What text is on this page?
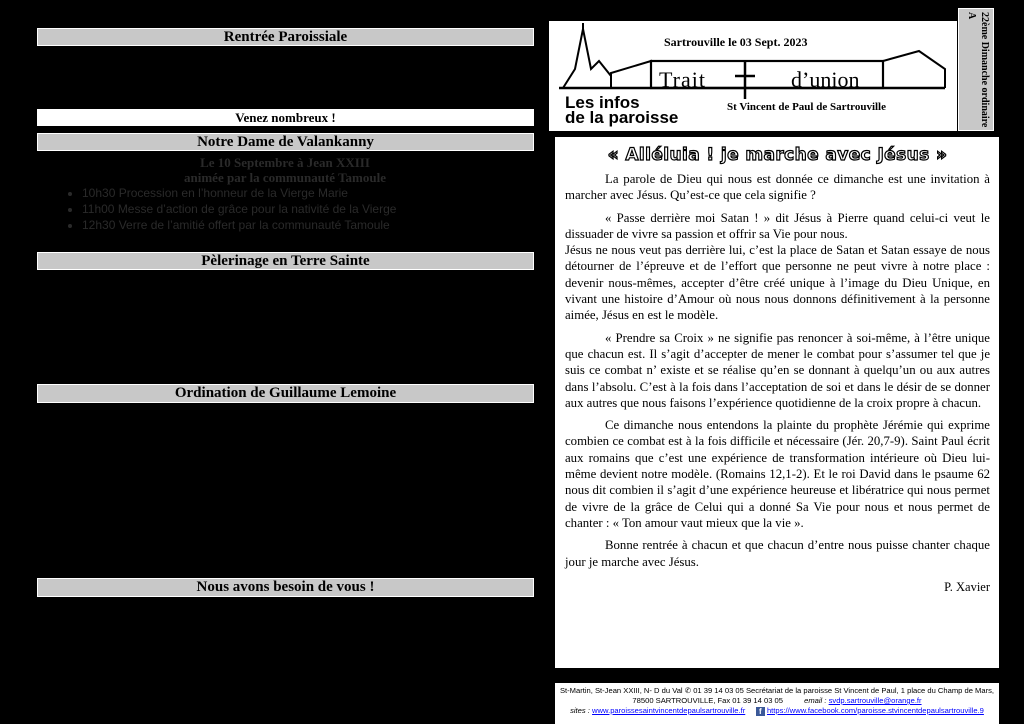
Rentrée Paroissiale
Venez nombreux !
Notre Dame de Valankanny
Le 10 Septembre à Jean XXIII
animée par la communauté Tamoule
• 10h30 Procession en l’honneur de la Vierge Marie
• 11h00 Messe d’action de grâce pour la nativité de la Vierge
• 12h30 Verre de l’amitié offert par la communauté Tamoule
Pèlerinage en Terre Sainte
Ordination de Guillaume Lemoine
Nous avons besoin de vous !
Sartrouville le 03 Sept. 2023
Trait	d’union
Les infos
de la paroisse
St Vincent de Paul de Sartrouville	22ème Dimanche ordinaire
A
« Alléluia ! je marche avec Jésus »

La parole de Dieu qui nous est donnée ce dimanche est une invitation à marcher avec Jésus. Qu’est-ce que cela signifie ?

« Passe derrière moi Satan ! » dit Jésus à Pierre quand celui-ci veut le dissuader de vivre sa passion et offrir sa Vie pour nous.

Jésus ne nous veut pas derrière lui, c’est la place de Satan et Satan essaye de nous détourner de l’épreuve et de l’effort que personne ne peut vivre à notre place : devenir nous-mêmes, accepter d’être créé unique à l’image du Dieu Unique, en vivant une histoire d’Amour où nous nous donnons définitivement à la personne aimée, Jésus en est le modèle.

« Prendre sa Croix » ne signifie pas renoncer à soi-même, à l’être unique que chacun est. Il s’agit d’accepter de mener le combat pour s’assumer tel que je suis ce combat n’ existe et se réalise qu’en se donnant à quelqu’un ou aux autres dans l’absolu. C’est à la fois dans l’acceptation de soi et dans le désir de se donner aux autres que nous faisons l’expérience quotidienne de la croix propre à chacun.

Ce dimanche nous entendons la plainte du prophète Jérémie qui exprime combien ce combat est à la fois difficile et nécessaire (Jér. 20,7-9). Saint Paul écrit aux romains que c’est une expérience de transformation intérieure où Dieu lui-même devient notre modèle. (Romains 12,1-2). Et le roi David dans le psaume 62 nous dit combien il s’agit d’une expérience heureuse et libératrice qui nous permet de vivre de la grâce de Celui qui a donné Sa Vie pour nous et nous permet de chanter : « Ton amour vaut mieux que la vie ».

Bonne rentrée à chacun et que chacun d’entre nous puisse chanter chaque jour je marche avec Jésus.

P. Xavier
St-Martin, St-Jean XXIII, N- D du Val ✆ 01 39 14 03 05 Secrétariat de la paroisse St Vincent de Paul, 1 place du Champ de Mars,
78500 SARTROUVILLE, Fax 01 39 14 03 05	email : svdp.sartrouville@orange.fr
sites : www.paroissesaintvincentdepaulsartrouville.fr f https://www.facebook.com/paroisse.stvincentdepaulsartrouville.9
